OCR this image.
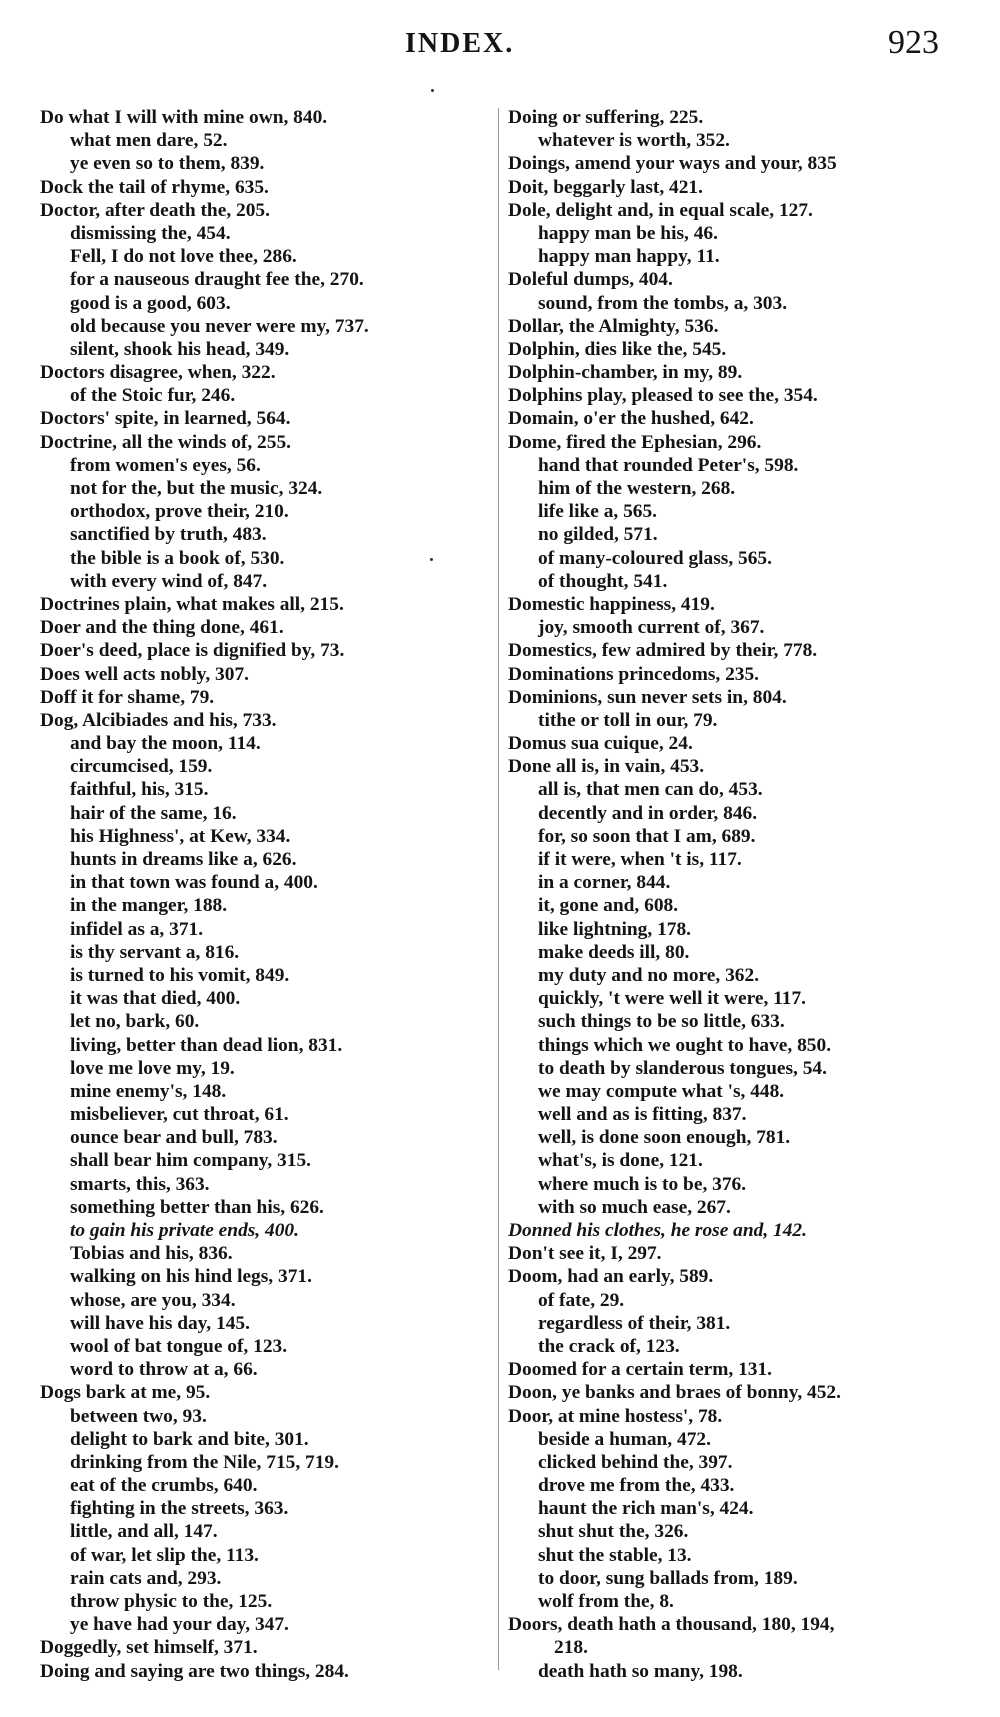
INDEX.	923
Do what I will with mine own, 840.
what men dare, 52.
ye even so to them, 839.
Dock the tail of rhyme, 635.
Doctor, after death the, 205.
dismissing the, 454.
Fell, I do not love thee, 286.
for a nauseous draught fee the, 270.
good is a good, 603.
old because you never were my, 737.
silent, shook his head, 349.
Doctors disagree, when, 322.
of the Stoic fur, 246.
Doctors' spite, in learned, 564.
Doctrine, all the winds of, 255.
from women's eyes, 56.
not for the, but the music, 324.
orthodox, prove their, 210.
sanctified by truth, 483.
the bible is a book of, 530.
with every wind of, 847.
Doctrines plain, what makes all, 215.
Doer and the thing done, 461.
Doer's deed, place is dignified by, 73.
Does well acts nobly, 307.
Doff it for shame, 79.
Dog, Alcibiades and his, 733.
and bay the moon, 114.
circumcised, 159.
faithful, his, 315.
hair of the same, 16.
his Highness', at Kew, 334.
hunts in dreams like a, 626.
in that town was found a, 400.
in the manger, 188.
infidel as a, 371.
is thy servant a, 816.
is turned to his vomit, 849.
it was that died, 400.
let no, bark, 60.
living, better than dead lion, 831.
love me love my, 19.
mine enemy's, 148.
misbeliever, cut throat, 61.
ounce bear and bull, 783.
shall bear him company, 315.
smarts, this, 363.
something better than his, 626.
to gain his private ends, 400.
Tobias and his, 836.
walking on his hind legs, 371.
whose, are you, 334.
will have his day, 145.
wool of bat tongue of, 123.
word to throw at a, 66.
Dogs bark at me, 95.
between two, 93.
delight to bark and bite, 301.
drinking from the Nile, 715, 719.
eat of the crumbs, 640.
fighting in the streets, 363.
little, and all, 147.
of war, let slip the, 113.
rain cats and, 293.
throw physic to the, 125.
ye have had your day, 347.
Doggedly, set himself, 371.
Doing and saying are two things, 284.
Doing or suffering, 225.
whatever is worth, 352.
Doings, amend your ways and your, 835
Doit, beggarly last, 421.
Dole, delight and, in equal scale, 127.
happy man be his, 46.
happy man happy, 11.
Doleful dumps, 404.
sound, from the tombs, a, 303.
Dollar, the Almighty, 536.
Dolphin, dies like the, 545.
Dolphin-chamber, in my, 89.
Dolphins play, pleased to see the, 354.
Domain, o'er the hushed, 642.
Dome, fired the Ephesian, 296.
hand that rounded Peter's, 598.
him of the western, 268.
life like a, 565.
no gilded, 571.
of many-coloured glass, 565.
of thought, 541.
Domestic happiness, 419.
joy, smooth current of, 367.
Domestics, few admired by their, 778.
Dominations princedoms, 235.
Dominions, sun never sets in, 804.
tithe or toll in our, 79.
Domus sua cuique, 24.
Done all is, in vain, 453.
all is, that men can do, 453.
decently and in order, 846.
for, so soon that I am, 689.
if it were, when 't is, 117.
in a corner, 844.
it, gone and, 608.
like lightning, 178.
make deeds ill, 80.
my duty and no more, 362.
quickly, 't were well it were, 117.
such things to be so little, 633.
things which we ought to have, 850.
to death by slanderous tongues, 54.
we may compute what 's, 448.
well and as is fitting, 837.
well, is done soon enough, 781.
what's, is done, 121.
where much is to be, 376.
with so much ease, 267.
Donned his clothes, he rose and, 142.
Don't see it, I, 297.
Doom, had an early, 589.
of fate, 29.
regardless of their, 381.
the crack of, 123.
Doomed for a certain term, 131.
Doon, ye banks and braes of bonny, 452.
Door, at mine hostess', 78.
beside a human, 472.
clicked behind the, 397.
drove me from the, 433.
haunt the rich man's, 424.
shut shut the, 326.
shut the stable, 13.
to door, sung ballads from, 189.
wolf from the, 8.
Doors, death hath a thousand, 180, 194,
218.
death hath so many, 198.
